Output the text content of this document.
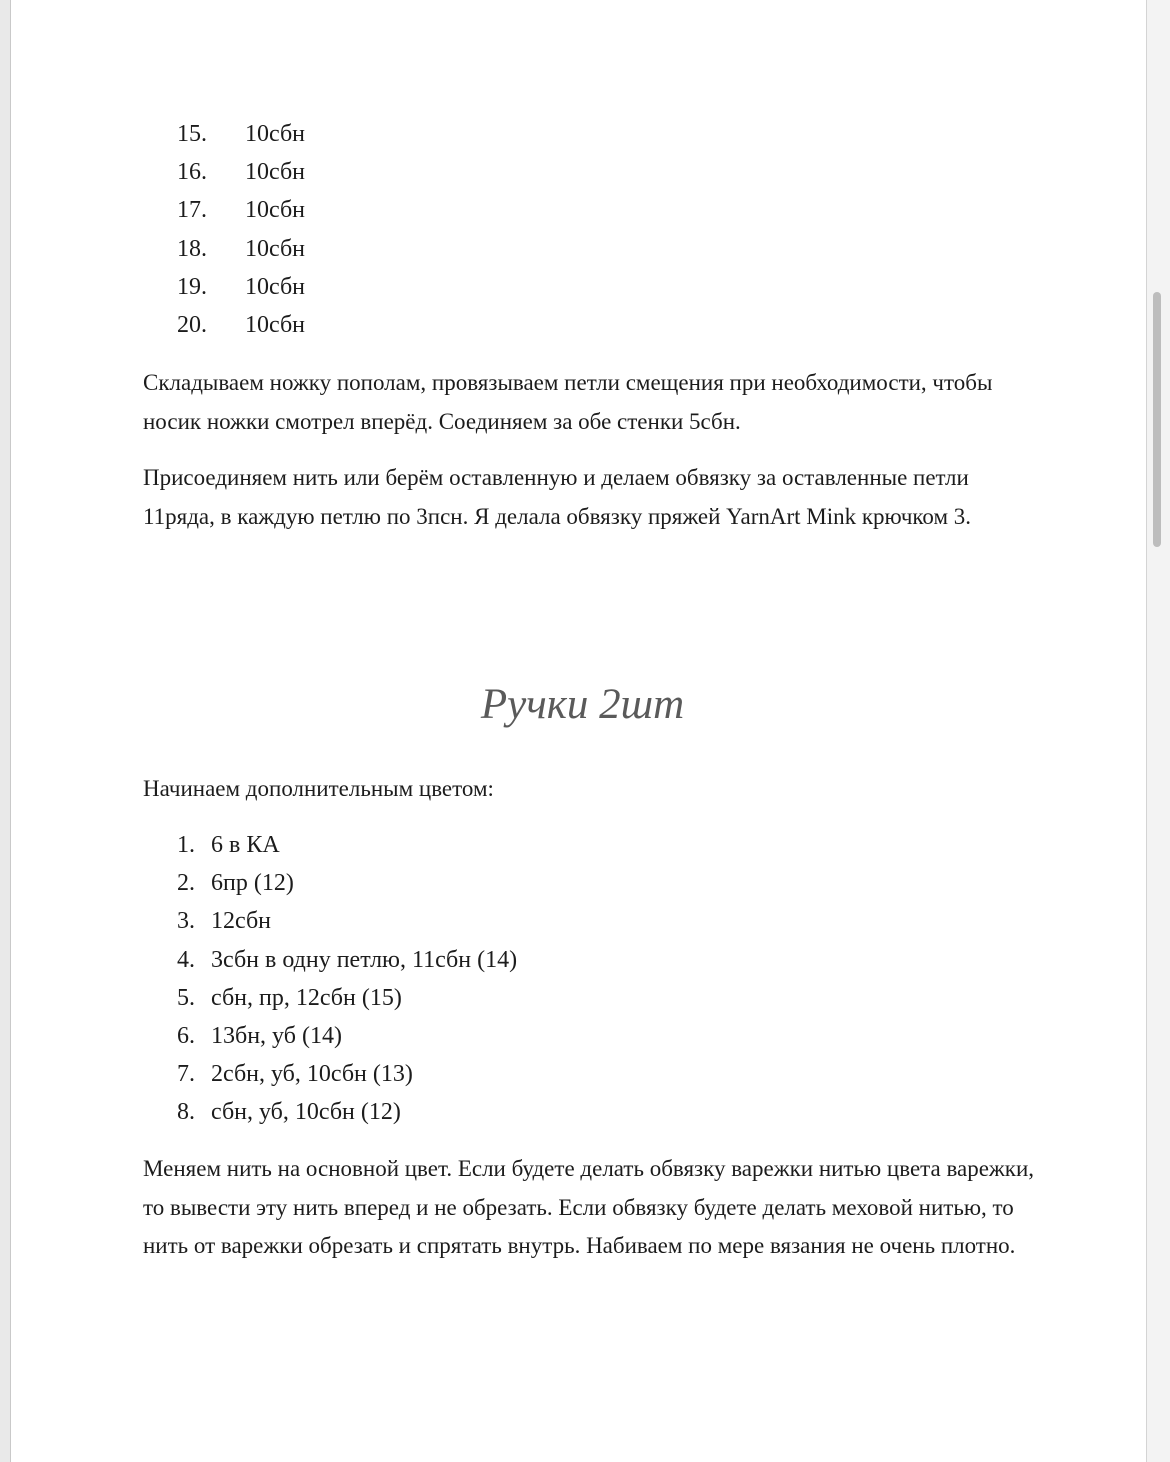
15.	10сбн
16.	10сбн
17.	10сбн
18.	10сбн
19.	10сбн
20.	10сбн

Складываем ножку пополам, провязываем петли смещения при необходимости, чтобы носик ножки смотрел вперёд. Соединяем за обе стенки 5сбн.

Присоединяем нить или берём оставленную и делаем обвязку за оставленные петли 11ряда, в каждую петлю по 3псн. Я делала обвязку пряжей YarnArt Mink крючком 3.

Ручки 2шт

Начинаем дополнительным цветом:

1. 6 в КА
2. 6пр (12)
3. 12сбн
4. 3сбн в одну петлю, 11сбн (14)
5. сбн, пр, 12сбн (15)
6. 13бн, уб (14)
7. 2сбн, уб, 10сбн (13)
8. сбн, уб, 10сбн (12)

Меняем нить на основной цвет. Если будете делать обвязку варежки нитью цвета варежки, то вывести эту нить вперед и не обрезать. Если обвязку будете делать меховой нитью, то нить от варежки обрезать и спрятать внутрь. Набиваем по мере вязания не очень плотно.
